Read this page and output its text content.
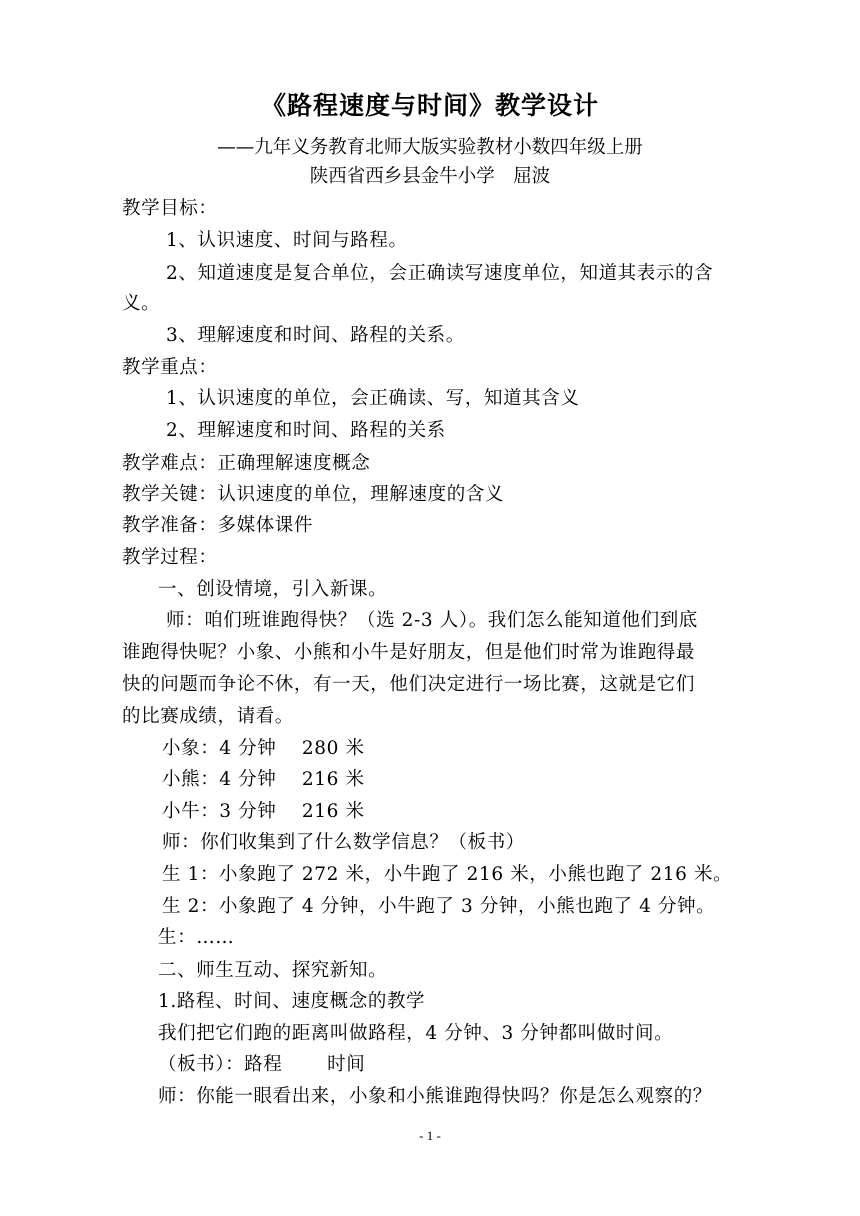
《路程速度与时间》教学设计
——九年义务教育北师大版实验教材小数四年级上册
陕西省西乡县金牛小学　屈波
教学目标：
1、认识速度、时间与路程。
2、知道速度是复合单位，会正确读写速度单位，知道其表示的含
义。
3、理解速度和时间、路程的关系。
教学重点：
1、认识速度的单位，会正确读、写，知道其含义
2、理解速度和时间、路程的关系
教学难点：正确理解速度概念
教学关键：认识速度的单位，理解速度的含义
教学准备：多媒体课件
教学过程：
一、创设情境，引入新课。
师：咱们班谁跑得快？（选 2-3 人）。我们怎么能知道他们到底
谁跑得快呢？小象、小熊和小牛是好朋友，但是他们时常为谁跑得最
快的问题而争论不休，有一天，他们决定进行一场比赛，这就是它们
的比赛成绩，请看。
小象：4 分钟　 280 米
小熊：4 分钟　 216 米
小牛：3 分钟　 216 米
师：你们收集到了什么数学信息？（板书）
生 1：小象跑了 272 米，小牛跑了 216 米，小熊也跑了 216 米。
生 2：小象跑了 4 分钟，小牛跑了 3 分钟，小熊也跑了 4 分钟。
生：……
二、师生互动、探究新知。
1.路程、时间、速度概念的教学
我们把它们跑的距离叫做路程，4 分钟、3 分钟都叫做时间。
（板书）：路程　　 时间
师：你能一眼看出来，小象和小熊谁跑得快吗？你是怎么观察的？
- 1 -
